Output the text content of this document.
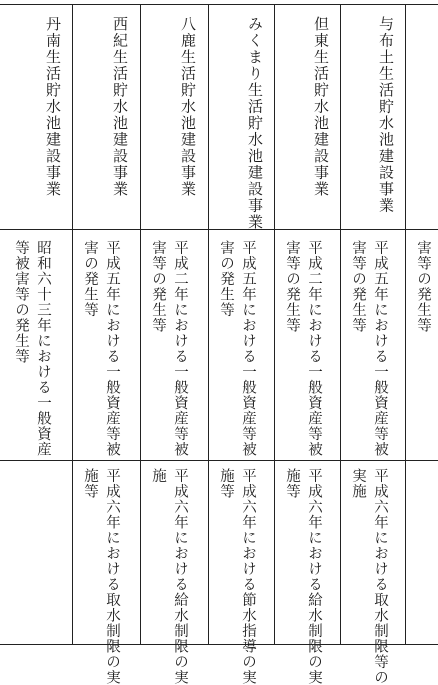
害等の発生等
与布土生活貯水池建設事業
平成五年における一般資産等被
害等の発生等
平成六年における取水制限等の
実施
但東生活貯水池建設事業
平成二年における一般資産等被
害等の発生等
平成六年における給水制限の実
施等
みくまり生活貯水池建設事業
平成五年における一般資産等被
害の発生等
平成六年における節水指導の実
施等
八鹿生活貯水池建設事業
平成二年における一般資産等被
害等の発生等
平成六年における給水制限の実
施
西紀生活貯水池建設事業
平成五年における一般資産等被
害の発生等
平成六年における取水制限の実
施等
丹南生活貯水池建設事業
昭和六十三年における一般資産
等被害等の発生等
